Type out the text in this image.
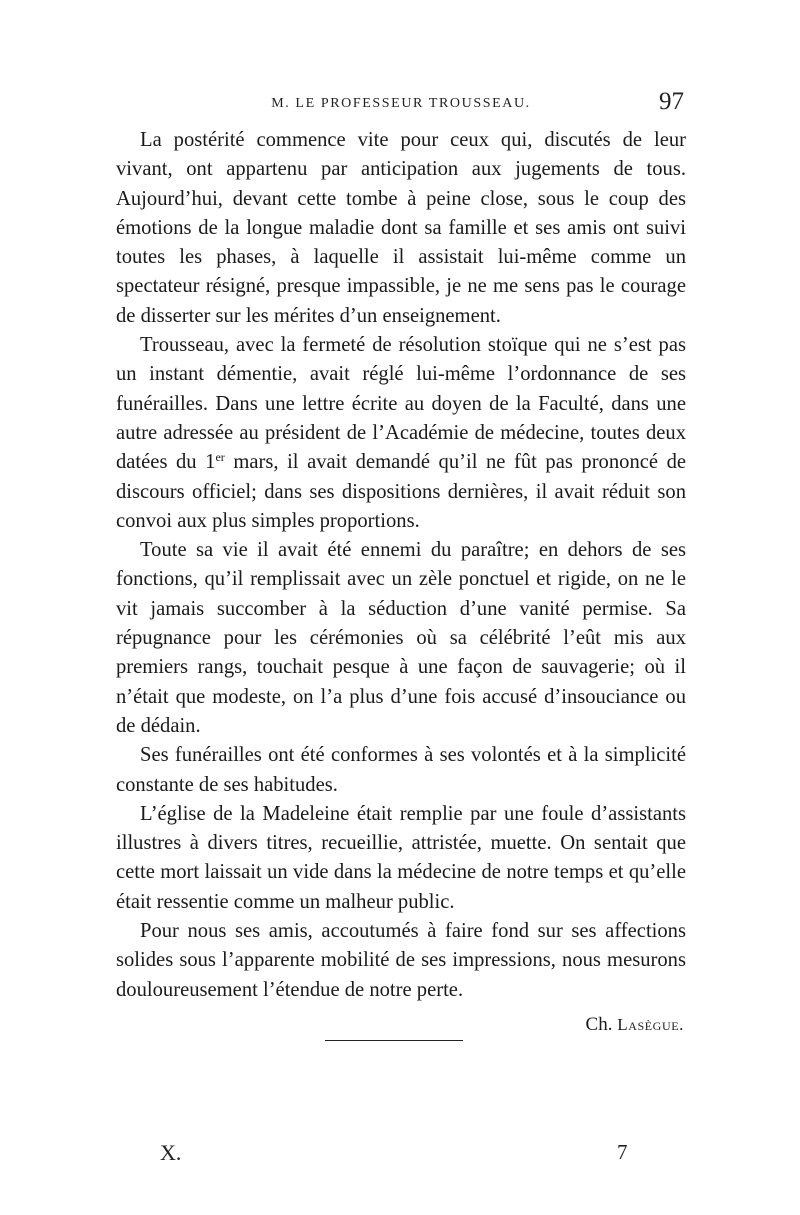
M. LE PROFESSEUR TROUSSEAU.	97

La postérité commence vite pour ceux qui, discutés de leur vivant, ont appartenu par anticipation aux jugements de tous. Aujourd’hui, devant cette tombe à peine close, sous le coup des émotions de la longue maladie dont sa famille et ses amis ont suivi toutes les phases, à laquelle il assistait lui-même comme un spectateur résigné, presque impassible, je ne me sens pas le courage de disserter sur les mérites d’un enseignement.

Trousseau, avec la fermeté de résolution stoïque qui ne s’est pas un instant démentie, avait réglé lui-même l’ordonnance de ses funérailles. Dans une lettre écrite au doyen de la Faculté, dans une autre adressée au président de l’Académie de médecine, toutes deux datées du 1er mars, il avait demandé qu’il ne fût pas prononcé de discours officiel; dans ses dispositions dernières, il avait réduit son convoi aux plus simples proportions.

Toute sa vie il avait été ennemi du paraître; en dehors de ses fonctions, qu’il remplissait avec un zèle ponctuel et rigide, on ne le vit jamais succomber à la séduction d’une vanité permise. Sa répugnance pour les cérémonies où sa célébrité l’eût mis aux premiers rangs, touchait pesque à une façon de sauvagerie; où il n’était que modeste, on l’a plus d’une fois accusé d’insouciance ou de dédain.

Ses funérailles ont été conformes à ses volontés et à la simplicité constante de ses habitudes.

L’église de la Madeleine était remplie par une foule d’assistants illustres à divers titres, recueillie, attristée, muette. On sentait que cette mort laissait un vide dans la médecine de notre temps et qu’elle était ressentie comme un malheur public.

Pour nous ses amis, accoutumés à faire fond sur ses affections solides sous l’apparente mobilité de ses impressions, nous mesurons douloureusement l’étendue de notre perte.

Ch. Lasègue.
X.	7
